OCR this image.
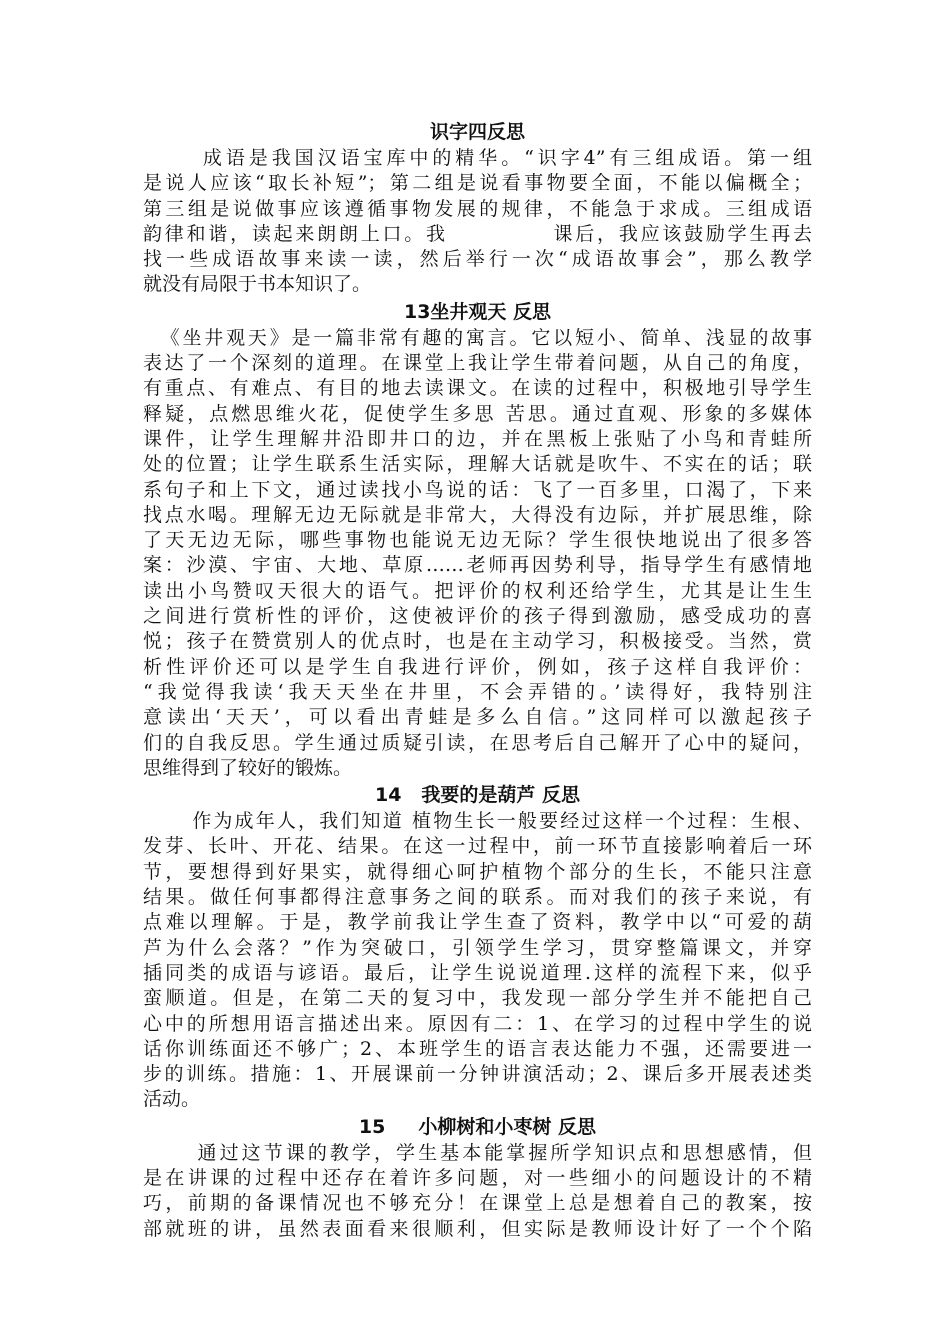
识字四反思
成语是我国汉语宝库中的精华。“识字4”有三组成语。第一组
是说人应该“取长补短”；第二组是说看事物要全面，不能以偏概全；
第三组是说做事应该遵循事物发展的规律，不能急于求成。三组成语
韵律和谐，读起来朗朗上口。我            课后，我应该鼓励学生再去
找一些成语故事来读一读，然后举行一次“成语故事会”，那么教学
就没有局限于书本知识了。
13坐井观天 反思
《坐井观天》是一篇非常有趣的寓言。它以短小、简单、浅显的故事
表达了一个深刻的道理。在课堂上我让学生带着问题，从自己的角度，
有重点、有难点、有目的地去读课文。在读的过程中，积极地引导学生
释疑，点燃思维火花，促使学生多思 苦思。通过直观、形象的多媒体
课件，让学生理解井沿即井口的边，并在黑板上张贴了小鸟和青蛙所
处的位置；让学生联系生活实际，理解大话就是吹牛、不实在的话；联
系句子和上下文，通过读找小鸟说的话：飞了一百多里，口渴了，下来
找点水喝。理解无边无际就是非常大，大得没有边际，并扩展思维，除
了天无边无际，哪些事物也能说无边无际？学生很快地说出了很多答
案：沙漠、宇宙、大地、草原……老师再因势利导，指导学生有感情地
读出小鸟赞叹天很大的语气。把评价的权利还给学生，尤其是让生生
之间进行赏析性的评价，这使被评价的孩子得到激励，感受成功的喜
悦；孩子在赞赏别人的优点时，也是在主动学习，积极接受。当然，赏
析性评价还可以是学生自我进行评价，例如，孩子这样自我评价：
“我觉得我读‘我天天坐在井里，不会弄错的。’读得好，我特别注
意读出‘天天’，可以看出青蛙是多么自信。”这同样可以激起孩子
们的自我反思。学生通过质疑引读，在思考后自己解开了心中的疑问，
思维得到了较好的锻炼。
14   我要的是葫芦 反思
作为成年人，我们知道 植物生长一般要经过这样一个过程：生根、
发芽、长叶、开花、结果。在这一过程中，前一环节直接影响着后一环
节，要想得到好果实，就得细心呵护植物个部分的生长，不能只注意
结果。做任何事都得注意事务之间的联系。而对我们的孩子来说，有
点难以理解。于是，教学前我让学生查了资料，教学中以“可爱的葫
芦为什么会落？”作为突破口，引领学生学习，贯穿整篇课文，并穿
插同类的成语与谚语。最后，让学生说说道理.这样的流程下来，似乎
蛮顺道。但是，在第二天的复习中，我发现一部分学生并不能把自己
心中的所想用语言描述出来。原因有二：1、在学习的过程中学生的说
话你训练面还不够广；2、本班学生的语言表达能力不强，还需要进一
步的训练。措施：1、开展课前一分钟讲演活动；2、课后多开展表述类
活动。
15     小柳树和小枣树 反思
通过这节课的教学，学生基本能掌握所学知识点和思想感情，但
是在讲课的过程中还存在着许多问题，对一些细小的问题设计的不精
巧，前期的备课情况也不够充分！在课堂上总是想着自己的教案，按
部就班的讲，虽然表面看来很顺利，但实际是教师设计好了一个个陷
